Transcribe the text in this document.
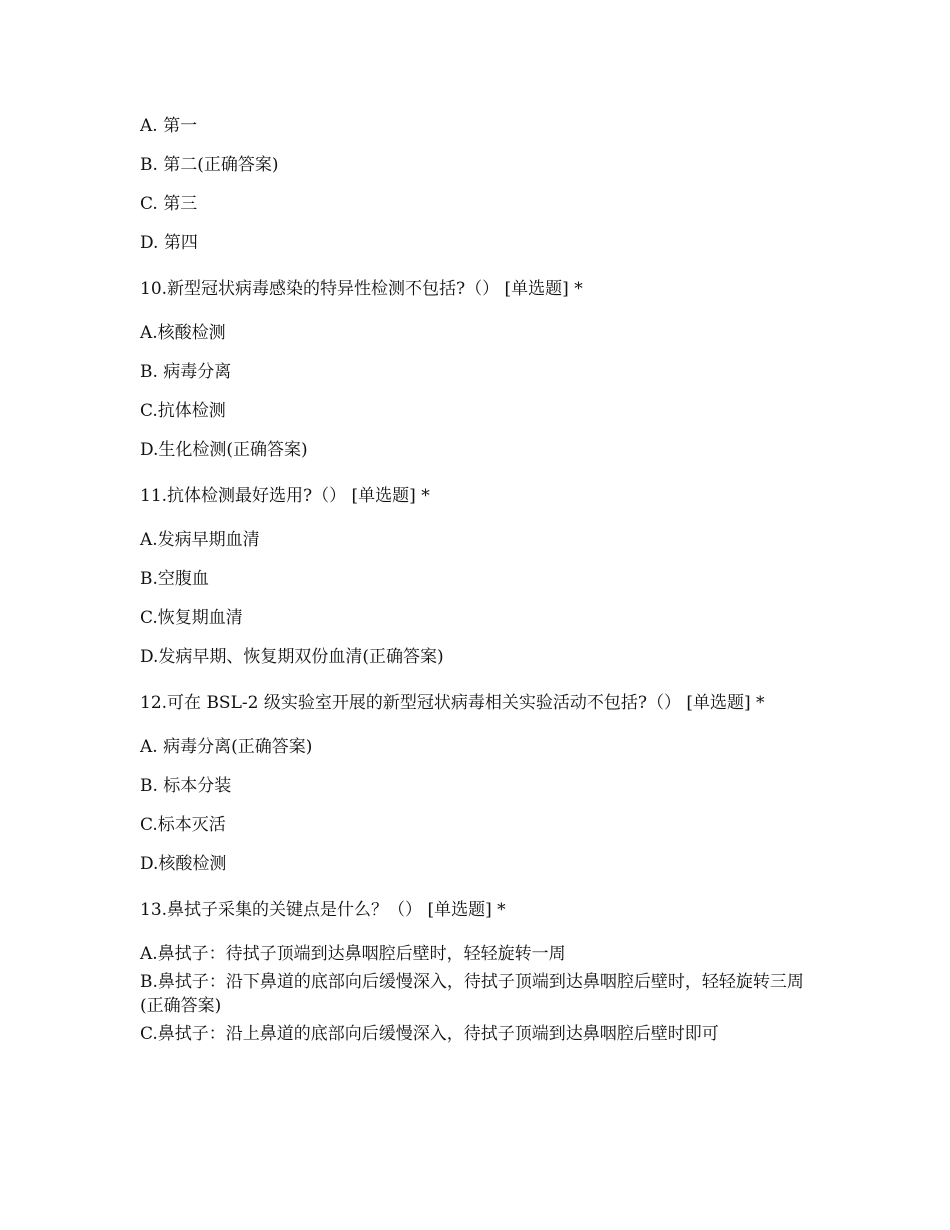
A. 第一
B. 第二(正确答案)
C. 第三
D. 第四
10.新型冠状病毒感染的特异性检测不包括?（） [单选题] *
A.核酸检测
B. 病毒分离
C.抗体检测
D.生化检测(正确答案)
11.抗体检测最好选用?（） [单选题] *
A.发病早期血清
B.空腹血
C.恢复期血清
D.发病早期、恢复期双份血清(正确答案)
12.可在 BSL-2 级实验室开展的新型冠状病毒相关实验活动不包括?（） [单选题] *
A. 病毒分离(正确答案)
B. 标本分装
C.标本灭活
D.核酸检测
13.鼻拭子采集的关键点是什么？（） [单选题] *
A.鼻拭子：待拭子顶端到达鼻咽腔后壁时，轻轻旋转一周
B.鼻拭子：沿下鼻道的底部向后缓慢深入，待拭子顶端到达鼻咽腔后壁时，轻轻旋转三周(正确答案)
C.鼻拭子：沿上鼻道的底部向后缓慢深入，待拭子顶端到达鼻咽腔后壁时即可
